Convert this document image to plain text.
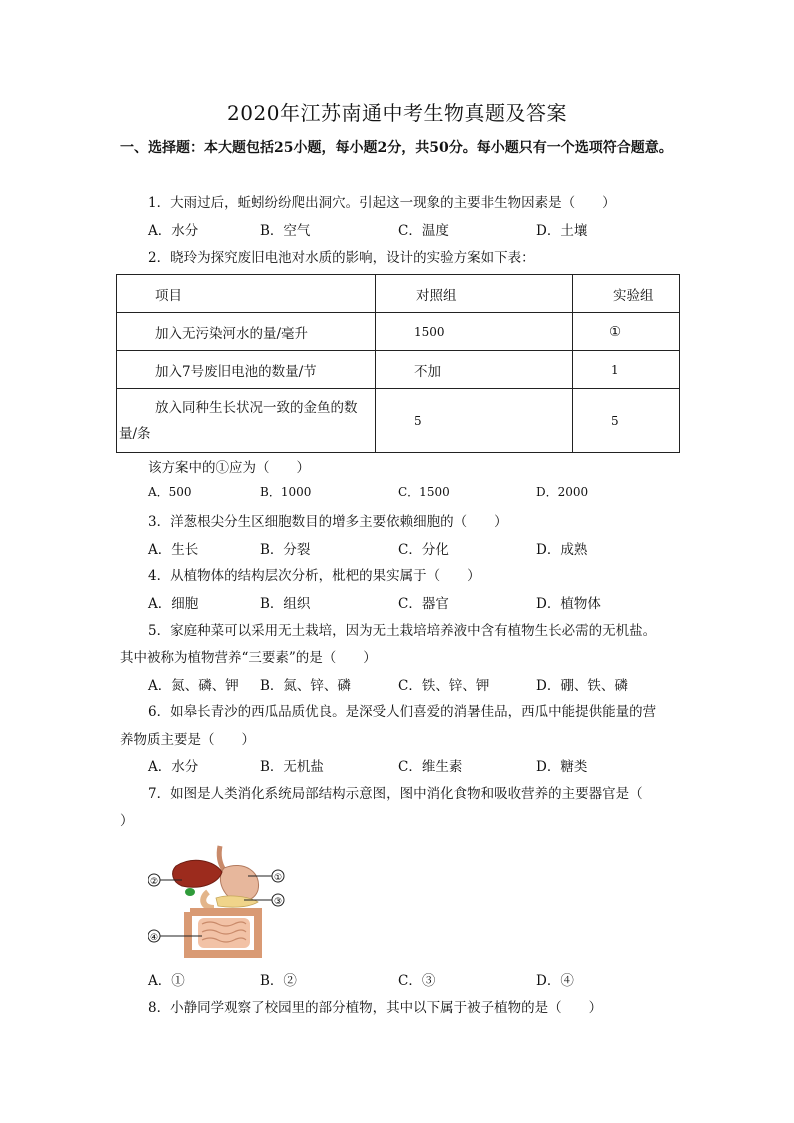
2020年江苏南通中考生物真题及答案
一、选择题：本大题包括25小题，每小题2分，共50分。每小题只有一个选项符合题意。
1．大雨过后，蚯蚓纷纷爬出洞穴。引起这一现象的主要非生物因素是（　　）
A．水分	B．空气	C．温度	D．土壤
2．晓玲为探究废旧电池对水质的影响，设计的实验方案如下表：
项目	对照组	实验组
加入无污染河水的量/毫升	1500	①
加入7号废旧电池的数量/节	不加	1
放入同种生长状况一致的金鱼的数量/条	5	5
该方案中的①应为（　　）
A．500	B．1000	C．1500	D．2000
3．洋葱根尖分生区细胞数目的增多主要依赖细胞的（　　）
A．生长	B．分裂	C．分化	D．成熟
4．从植物体的结构层次分析，枇杷的果实属于（　　）
A．细胞	B．组织	C．器官	D．植物体
5．家庭种菜可以采用无土栽培，因为无土栽培培养液中含有植物生长必需的无机盐。
其中被称为植物营养“三要素”的是（　　）
A．氮、磷、钾 B．氮、锌、磷	C．铁、锌、钾	D．硼、铁、磷
6．如皋长青沙的西瓜品质优良。是深受人们喜爱的消暑佳品，西瓜中能提供能量的营
养物质主要是（　　）
A．水分	B．无机盐	C．维生素	D．糖类
7．如图是人类消化系统局部结构示意图，图中消化食物和吸收营养的主要器官是（
）
①
②
③
④
A．①	B．②	C．③	D．④
8．小静同学观察了校园里的部分植物，其中以下属于被子植物的是（　　）
